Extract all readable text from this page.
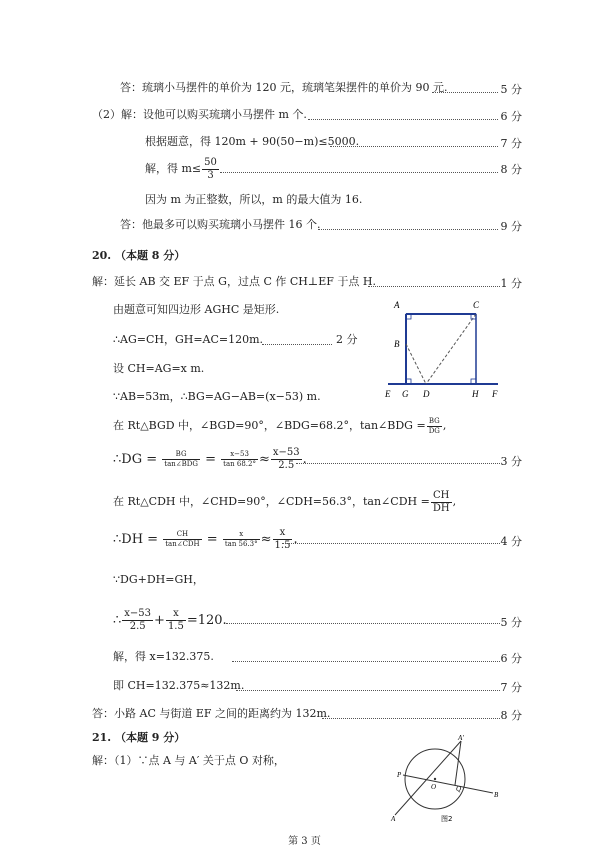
答：琉璃小马摆件的单价为 120 元，琉璃笔架摆件的单价为 90 元.	5 分
（2）解：设他可以购买琉璃小马摆件 m 个.	6 分
根据题意，得 120m + 90(50−m)≤5000.	7 分
解，得 $m\le \frac{50}{3}$	8 分
因为 m 为正整数，所以，m 的最大值为 16.
答：他最多可以购买琉璃小马摆件 16 个.	9 分
20. （本题 8 分）
解：延长 AB 交 EF 于点 G，过点 C 作 CH⊥EF 于点 H.	1 分
A	C
B
E G D	H F
由题意可知四边形 AGHC 是矩形.
∴AG=CH，GH=AC=120m.	2 分
设 CH=AG=x m.
∵AB=53m，∴BG=AG−AB=(x−53) m.
在 Rt△BGD 中，∠BGD=90°，∠BDG=68.2°，tan∠BDG = $\frac{BG}{DG}$ ,
∴DG = $\frac{BG}{\text{tan∠BDG}} = \frac{x-53}{\tan 68.2^\circ} \approx \frac{x-53}{2.5}$ .	3 分
在 Rt△CDH 中，∠CHD=90°，∠CDH=56.3°，tan∠CDH = $\frac{CH}{DH}$ ,
∴DH = $\frac{CH}{\text{tan∠CDH}} = \frac{x}{\tan 56.3^\circ} \approx \frac{x}{1.5}$ .	4 分
∵DG+DH=GH，
∴ $\frac{x-53}{2.5} + \frac{x}{1.5} =120$.	5 分
解，得 x=132.375.	6 分
即 CH=132.375≈132m.	7 分
答：小路 AC 与街道 EF 之间的距离约为 132m.	8 分
21. （本题 9 分）
解：（1）∵点 A 与 A′ 关于点 O 对称，
A′
P
O	Q
B
A	图2
第 3 页
